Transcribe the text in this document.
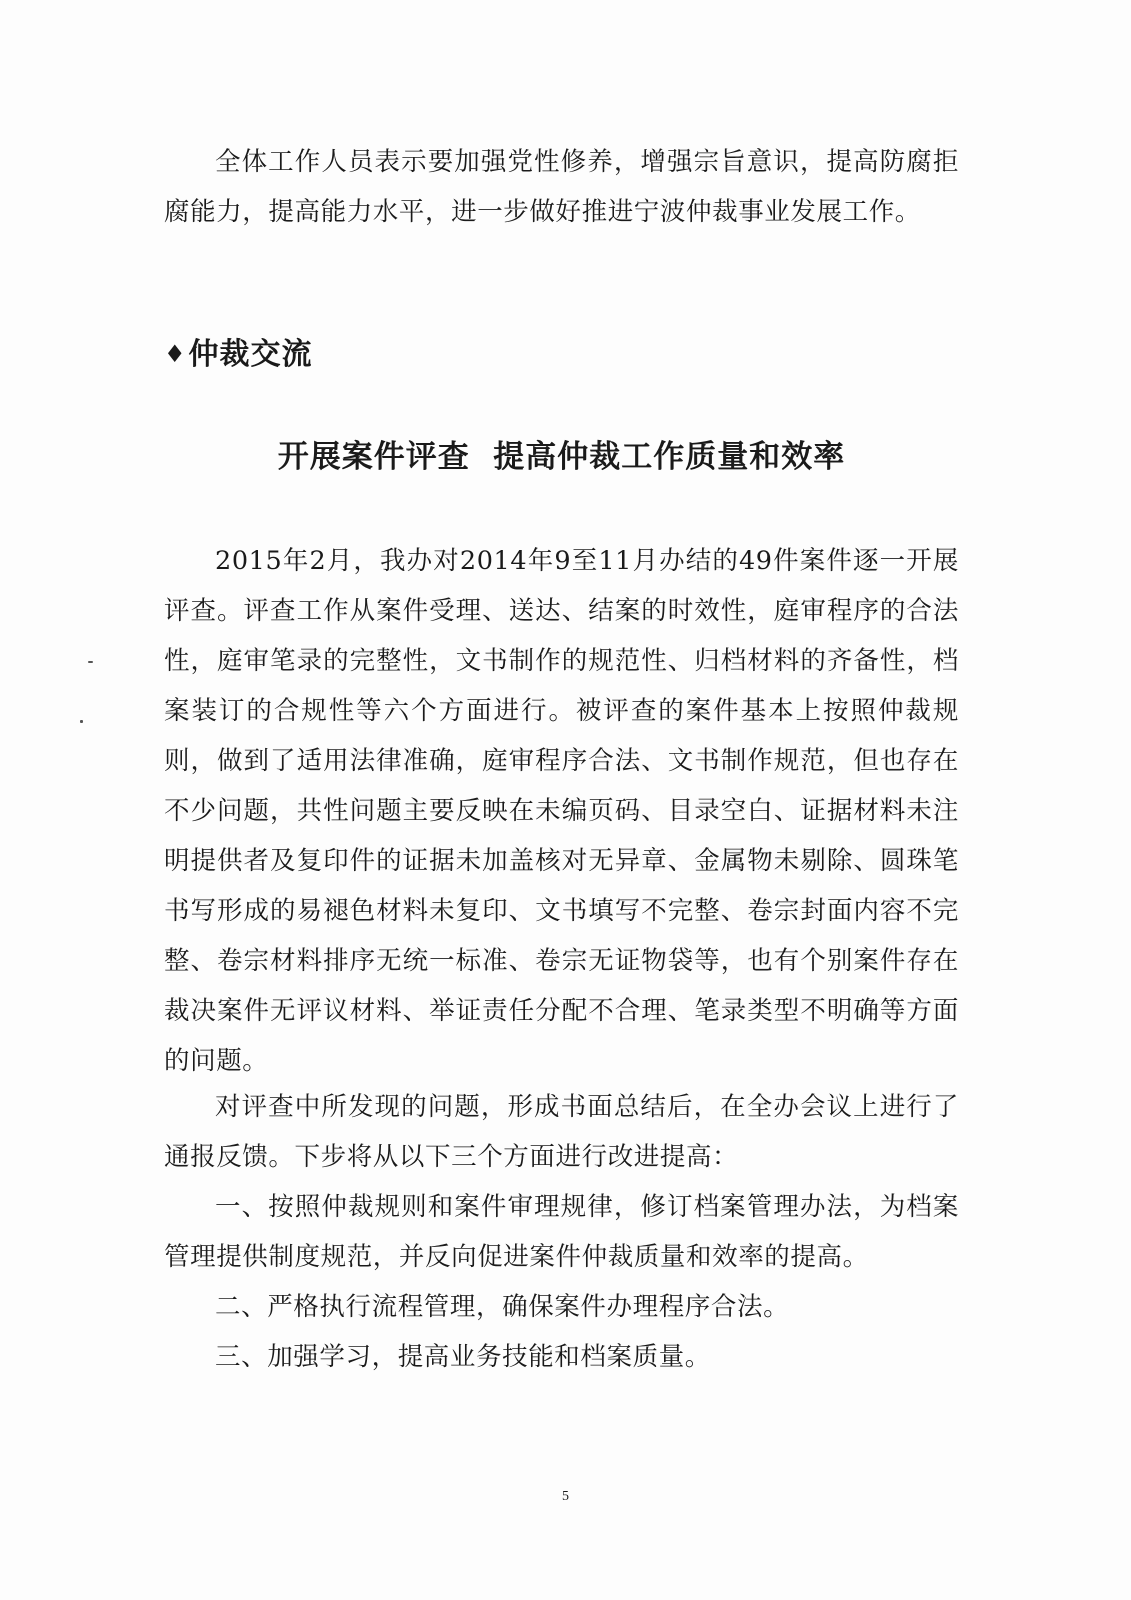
全体工作人员表示要加强党性修养，增强宗旨意识，提高防腐拒腐能力，提高能力水平，进一步做好推进宁波仲裁事业发展工作。

♦仲裁交流
开展案件评查  提高仲裁工作质量和效率

2015年2月，我办对2014年9至11月办结的49件案件逐一开展评查。评查工作从案件受理、送达、结案的时效性，庭审程序的合法性，庭审笔录的完整性，文书制作的规范性、归档材料的齐备性，档案装订的合规性等六个方面进行。被评查的案件基本上按照仲裁规则，做到了适用法律准确，庭审程序合法、文书制作规范，但也存在不少问题，共性问题主要反映在未编页码、目录空白、证据材料未注明提供者及复印件的证据未加盖核对无异章、金属物未剔除、圆珠笔书写形成的易褪色材料未复印、文书填写不完整、卷宗封面内容不完整、卷宗材料排序无统一标准、卷宗无证物袋等，也有个别案件存在裁决案件无评议材料、举证责任分配不合理、笔录类型不明确等方面的问题。

对评查中所发现的问题，形成书面总结后，在全办会议上进行了通报反馈。下步将从以下三个方面进行改进提高：

一、按照仲裁规则和案件审理规律，修订档案管理办法，为档案管理提供制度规范，并反向促进案件仲裁质量和效率的提高。

二、严格执行流程管理，确保案件办理程序合法。

三、加强学习，提高业务技能和档案质量。

5
